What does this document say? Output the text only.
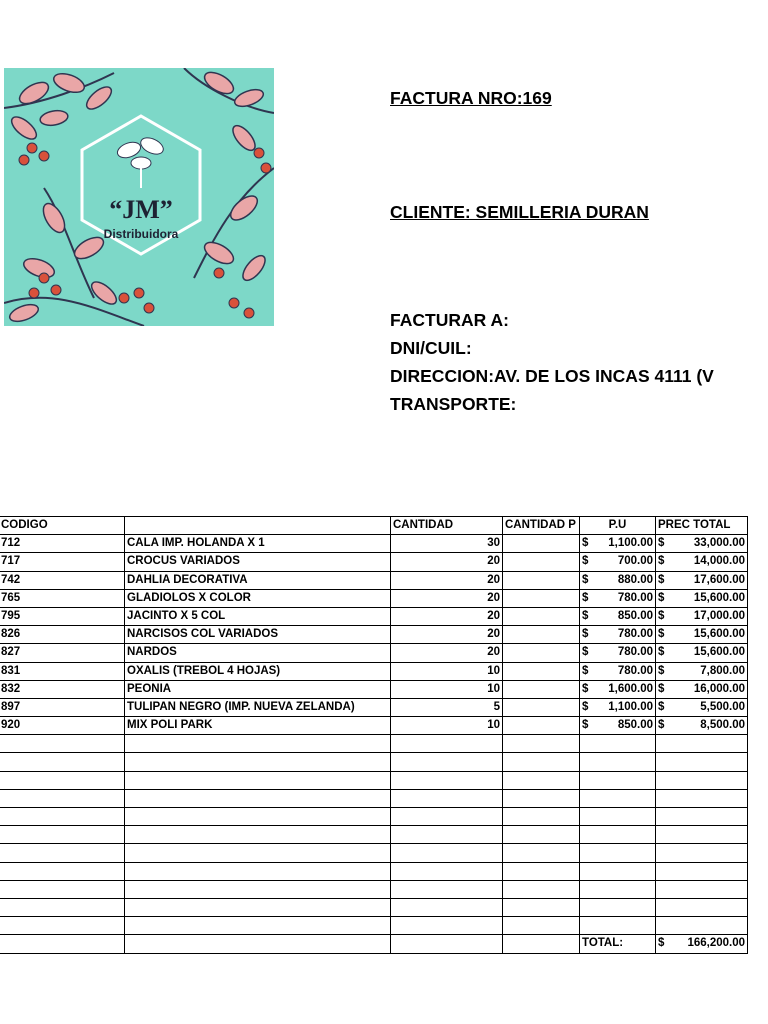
“JM”
Distribuidora
FACTURA NRO:169
CLIENTE: SEMILLERIA DURAN
FACTURAR A:
DNI/CUIL:
DIRECCION:AV. DE LOS INCAS 4111 (V
TRANSPORTE:
CODIGO		CANTIDAD	CANTIDAD P	P.U	PREC TOTAL
712	CALA IMP. HOLANDA X 1	30		$ 1,100.00	$ 33,000.00

717	CROCUS VARIADOS	20		$ 700.00	$ 14,000.00

742	DAHLIA DECORATIVA	20		$ 880.00	$ 17,600.00

765	GLADIOLOS X COLOR	20		$ 780.00	$ 15,600.00

795	JACINTO X 5 COL	20		$ 850.00	$ 17,000.00

826	NARCISOS COL VARIADOS	20		$ 780.00	$ 15,600.00

827	NARDOS	20		$ 780.00	$ 15,600.00

831	OXALIS (TREBOL 4 HOJAS)	10		$ 780.00	$ 7,800.00

832	PEONIA	10		$ 1,600.00	$ 16,000.00

897	TULIPAN NEGRO (IMP. NUEVA ZELANDA)	5		$ 1,100.00	$ 5,500.00

920	MIX POLI PARK	10		$ 850.00	$ 8,500.00

				TOTAL:	$ 166,200.00
